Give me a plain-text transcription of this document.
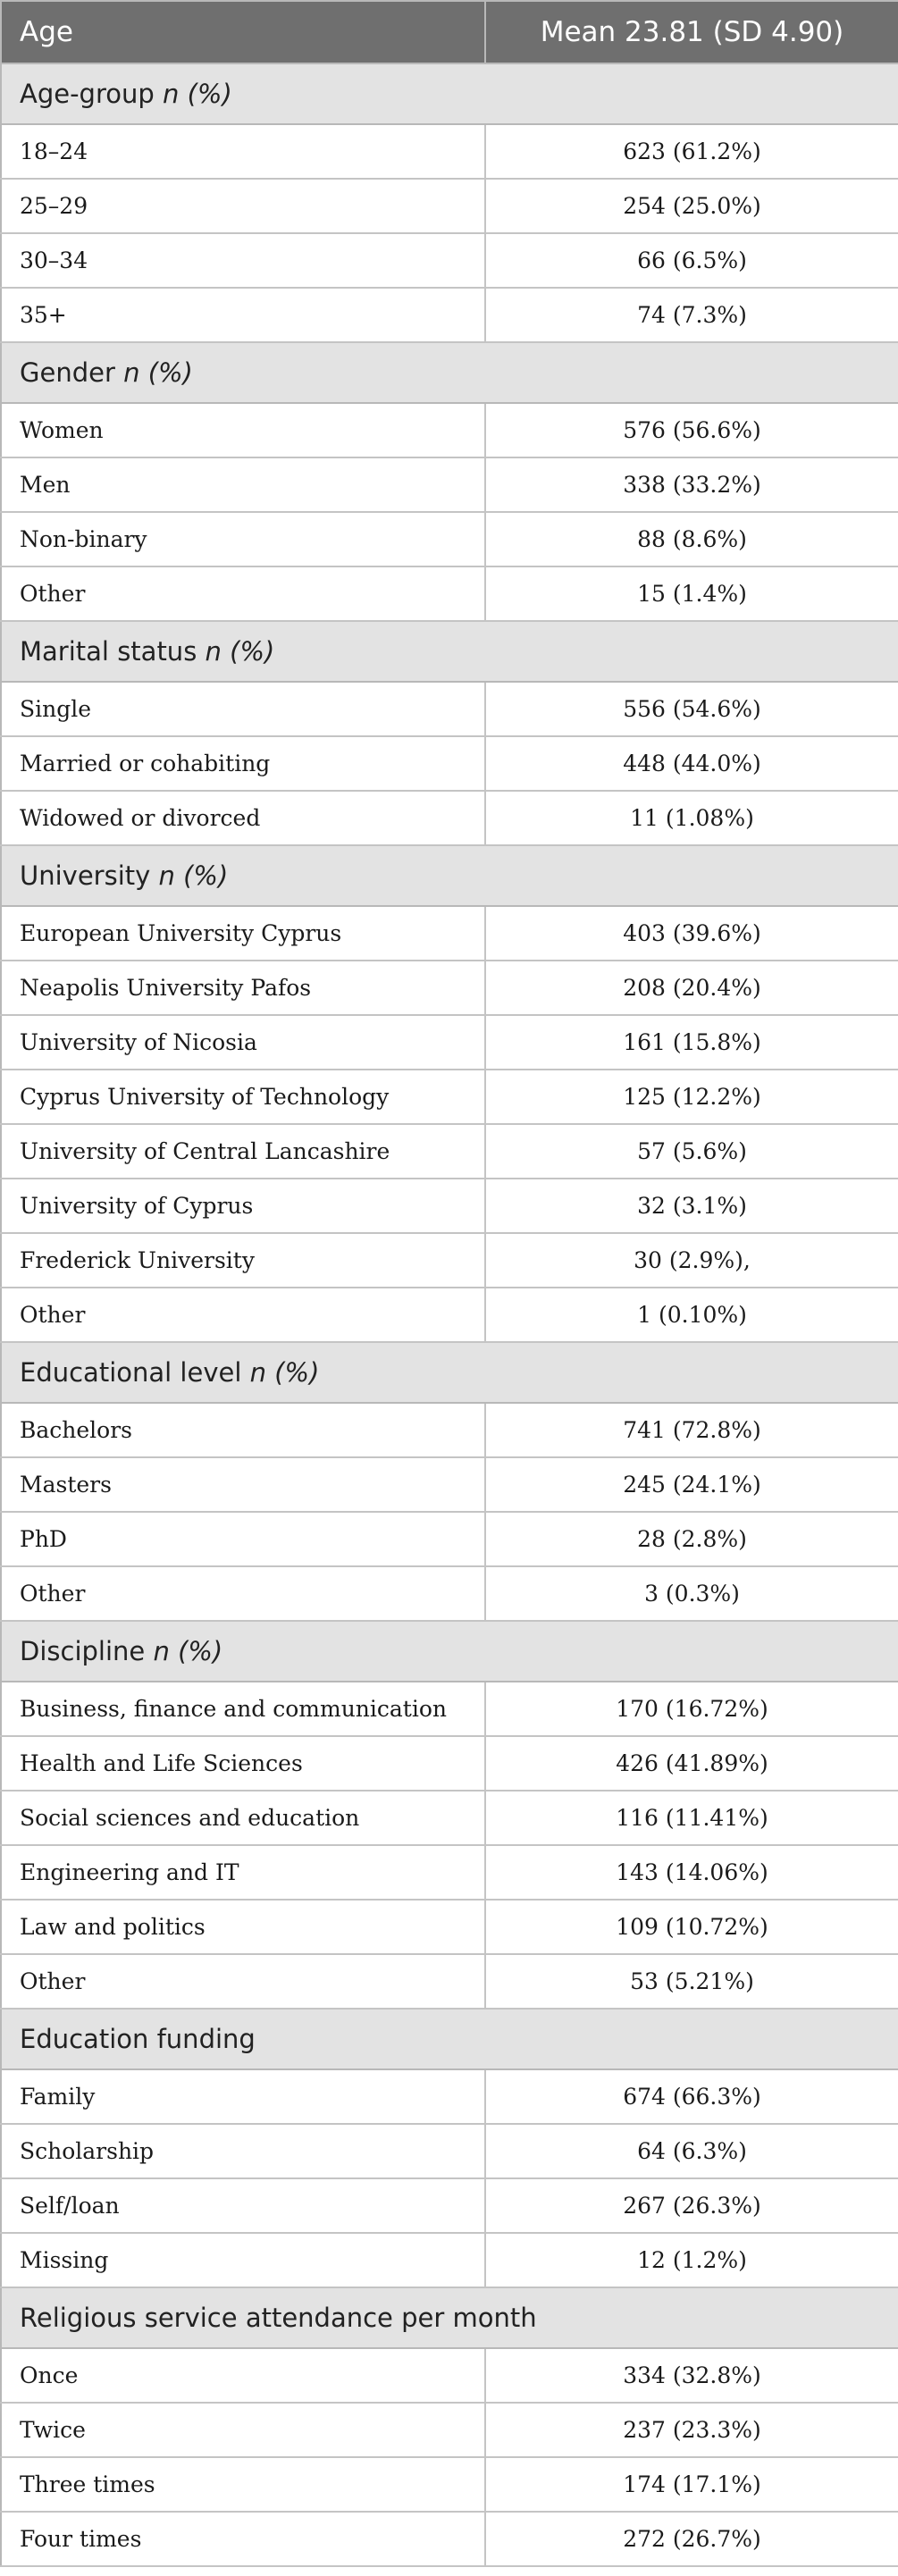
Age	Mean 23.81 (SD 4.90)
Age-group n (%)	
18–24	623 (61.2%)
25–29	254 (25.0%)
30–34	66 (6.5%)
35+	74 (7.3%)
Gender n (%)	
Women	576 (56.6%)
Men	338 (33.2%)
Non-binary	88 (8.6%)
Other	15 (1.4%)
Marital status n (%)	
Single	556 (54.6%)
Married or cohabiting	448 (44.0%)
Widowed or divorced	11 (1.08%)
University n (%)	
European University Cyprus	403 (39.6%)
Neapolis University Pafos	208 (20.4%)
University of Nicosia	161 (15.8%)
Cyprus University of Technology	125 (12.2%)
University of Central Lancashire	57 (5.6%)
University of Cyprus	32 (3.1%)
Frederick University	30 (2.9%),
Other	1 (0.10%)
Educational level n (%)	
Bachelors	741 (72.8%)
Masters	245 (24.1%)
PhD	28 (2.8%)
Other	3 (0.3%)
Discipline n (%)	
Business, finance and communication	170 (16.72%)
Health and Life Sciences	426 (41.89%)
Social sciences and education	116 (11.41%)
Engineering and IT	143 (14.06%)
Law and politics	109 (10.72%)
Other	53 (5.21%)
Education funding	
Family	674 (66.3%)
Scholarship	64 (6.3%)
Self/loan	267 (26.3%)
Missing	12 (1.2%)
Religious service attendance per month	
Once	334 (32.8%)
Twice	237 (23.3%)
Three times	174 (17.1%)
Four times	272 (26.7%)
